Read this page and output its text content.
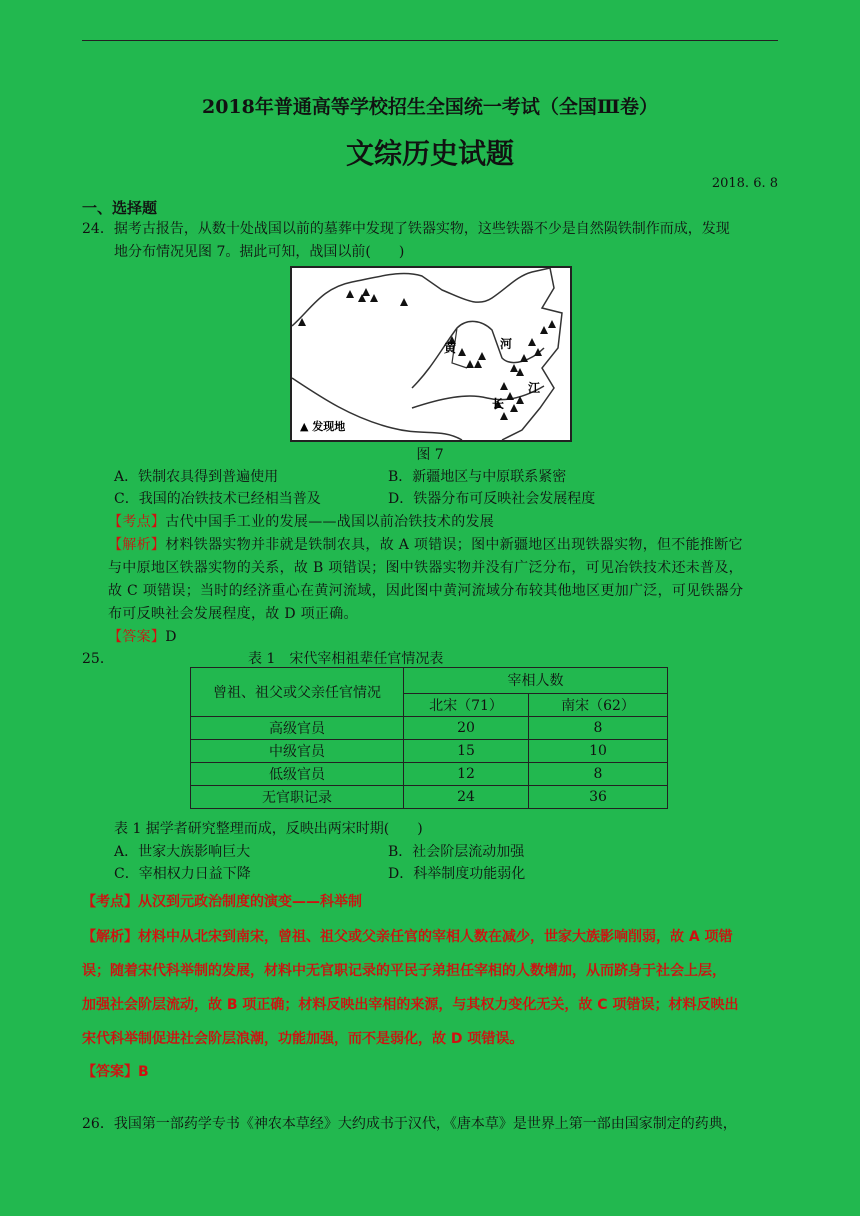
2018年普通高等学校招生全国统一考试（全国Ⅲ卷）
文综历史试题
2018. 6. 8
一、选择题
24．据考古报告，从数十处战国以前的墓葬中发现了铁器实物，这些铁器不少是自然陨铁制作而成，发现
地分布情况见图 7。据此可知，战国以前(　　)
黄	河
长
江
▲ 发现地
图 7
A．铁制农具得到普遍使用	B．新疆地区与中原联系紧密
C．我国的冶铁技术已经相当普及	D．铁器分布可反映社会发展程度
【考点】古代中国手工业的发展——战国以前冶铁技术的发展
【解析】材料铁器实物并非就是铁制农具，故 A 项错误；图中新疆地区出现铁器实物，但不能推断它
与中原地区铁器实物的关系，故 B 项错误；图中铁器实物并没有广泛分布，可见冶铁技术还未普及，
故 C 项错误；当时的经济重心在黄河流域，因此图中黄河流域分布较其他地区更加广泛，可见铁器分
布可反映社会发展程度，故 D 项正确。
【答案】D
25．	表 1　宋代宰相祖辈任官情况表
曾祖、祖父或父亲任官情况	宰相人数	
	北宋（71）	南宋（62）
高级官员	20	8
中级官员	15	10
低级官员	12	8
无官职记录	24	36
表 1 据学者研究整理而成，反映出两宋时期(　　)
A．世家大族影响巨大	B．社会阶层流动加强
C．宰相权力日益下降	D．科举制度功能弱化
【考点】从汉到元政治制度的演变——科举制
【解析】材料中从北宋到南宋，曾祖、祖父或父亲任官的宰相人数在减少，世家大族影响削弱，故 A 项错
误；随着宋代科举制的发展，材料中无官职记录的平民子弟担任宰相的人数增加，从而跻身于社会上层，
加强社会阶层流动，故 B 项正确；材料反映出宰相的来源，与其权力变化无关，故 C 项错误；材料反映出
宋代科举制促进社会阶层浪潮，功能加强，而不是弱化，故 D 项错误。
【答案】B
26．我国第一部药学专书《神农本草经》大约成书于汉代，《唐本草》是世界上第一部由国家制定的药典，
